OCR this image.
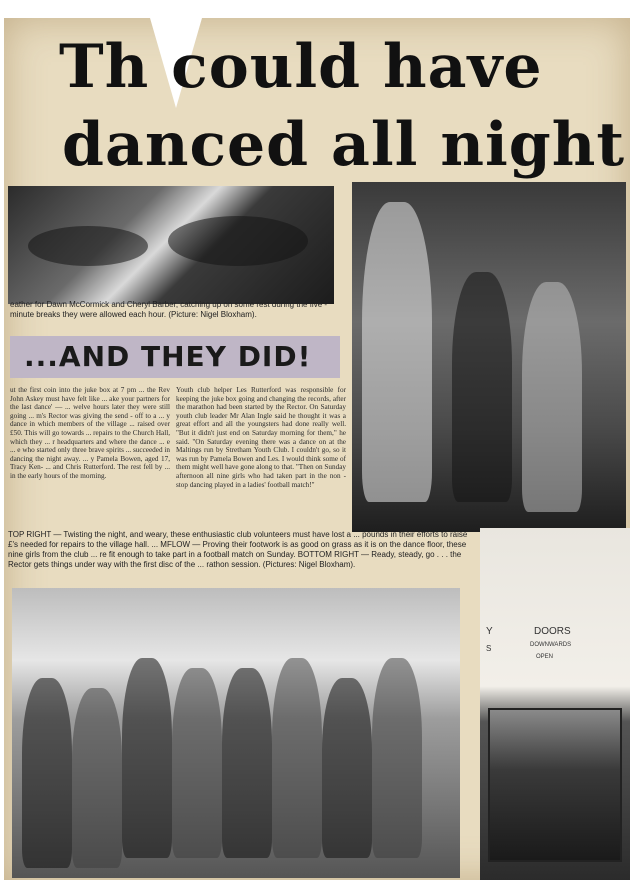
Th could have
danced all night
eather for Dawn McCormick and Cheryl Barber, catching up on some rest during the five - minute breaks they were allowed each hour. (Picture: Nigel Bloxham).
...AND THEY DID!

ut the first coin into the juke box at 7 pm ... the Rev John Askey must have felt like ... ake your partners for the last dance' — ... welve hours later they were still going ... m's Rector was giving the send - off to a ... y dance in which members of the village ... raised over £50. This will go towards ... repairs to the Church Hall, which they ... r headquarters and where the dance ... e ... e who started only three brave spirits ... succeeded in dancing the night away. ... y Pamela Bowen, aged 17, Tracy Ken- ... and Chris Rutterford. The rest fell by ... in the early hours of the morning.

Youth club helper Les Rutterford was responsible for keeping the juke box going and changing the records, after the marathon had been started by the Rector. On Saturday youth club leader Mr Alan Ingle said he thought it was a great effort and all the youngsters had done really well. "But it didn't just end on Saturday morning for them," he said. "On Saturday evening there was a dance on at the Maltings run by Stretham Youth Club. I couldn't go, so it was run by Pamela Bowen and Les. I would think some of them might well have gone along to that. "Then on Sunday afternoon all nine girls who had taken part in the non - stop dancing played in a ladies' football match!"

TOP RIGHT — Twisting the night, and weary, these enthusiastic club volunteers must have lost a ... pounds in their efforts to raise £'s needed for repairs to the village hall. ... MFLOW — Proving their footwork is as good on grass as it is on the dance floor, these nine girls from the club ... re fit enough to take part in a football match on Sunday. BOTTOM RIGHT — Ready, steady, go . . . the Rector gets things under way with the first disc of the ... rathon session. (Pictures: Nigel Bloxham).
Y
S
DOORS
DOWNWARDS
OPEN
